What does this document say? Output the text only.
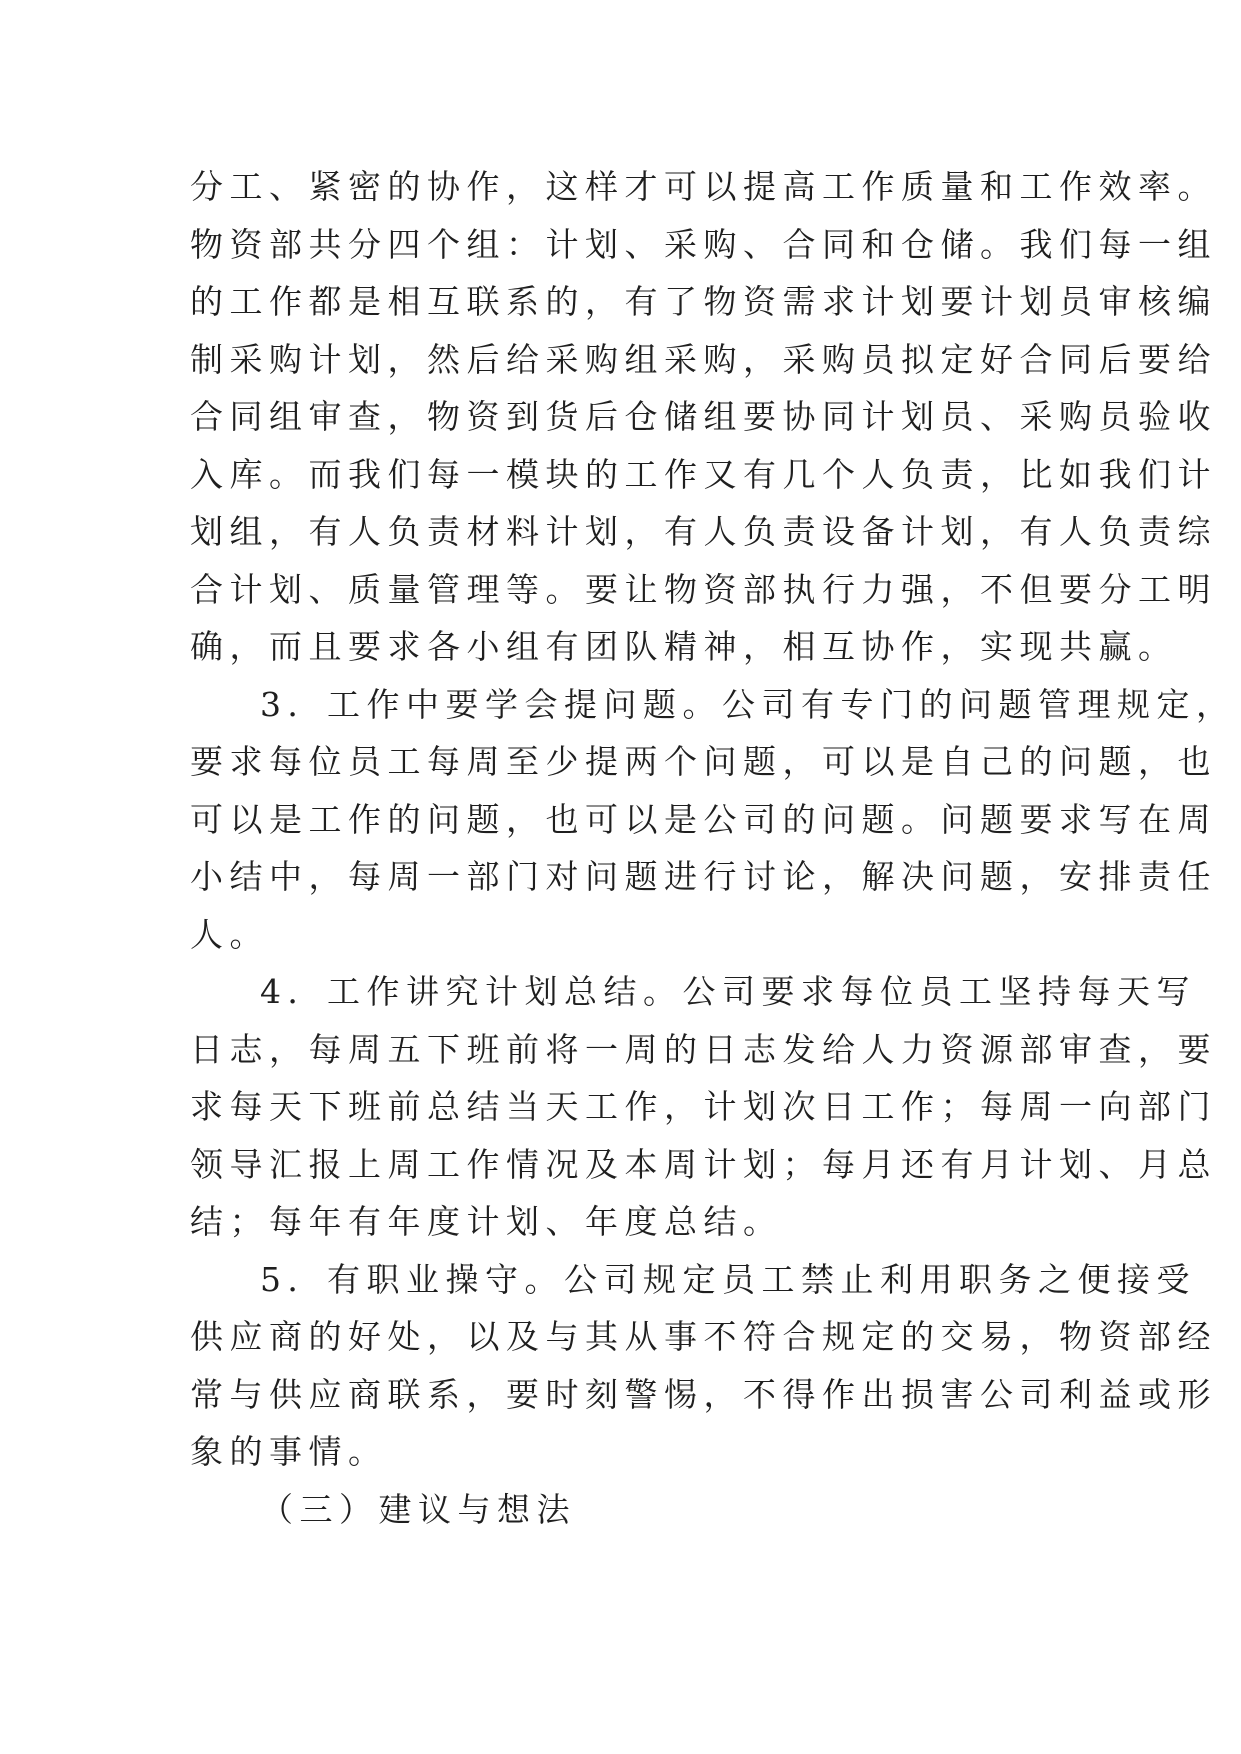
分工、紧密的协作，这样才可以提高工作质量和工作效率。
物资部共分四个组：计划、采购、合同和仓储。我们每一组
的工作都是相互联系的，有了物资需求计划要计划员审核编
制采购计划，然后给采购组采购，采购员拟定好合同后要给
合同组审查，物资到货后仓储组要协同计划员、采购员验收
入库。而我们每一模块的工作又有几个人负责，比如我们计
划组，有人负责材料计划，有人负责设备计划，有人负责综
合计划、质量管理等。要让物资部执行力强，不但要分工明
确，而且要求各小组有团队精神，相互协作，实现共赢。
3．工作中要学会提问题。公司有专门的问题管理规定，
要求每位员工每周至少提两个问题，可以是自己的问题，也
可以是工作的问题，也可以是公司的问题。问题要求写在周
小结中，每周一部门对问题进行讨论，解决问题，安排责任
人。
4．工作讲究计划总结。公司要求每位员工坚持每天写
日志，每周五下班前将一周的日志发给人力资源部审查，要
求每天下班前总结当天工作，计划次日工作；每周一向部门
领导汇报上周工作情况及本周计划；每月还有月计划、月总
结；每年有年度计划、年度总结。
5．有职业操守。公司规定员工禁止利用职务之便接受
供应商的好处，以及与其从事不符合规定的交易，物资部经
常与供应商联系，要时刻警惕，不得作出损害公司利益或形
象的事情。
（三）建议与想法
